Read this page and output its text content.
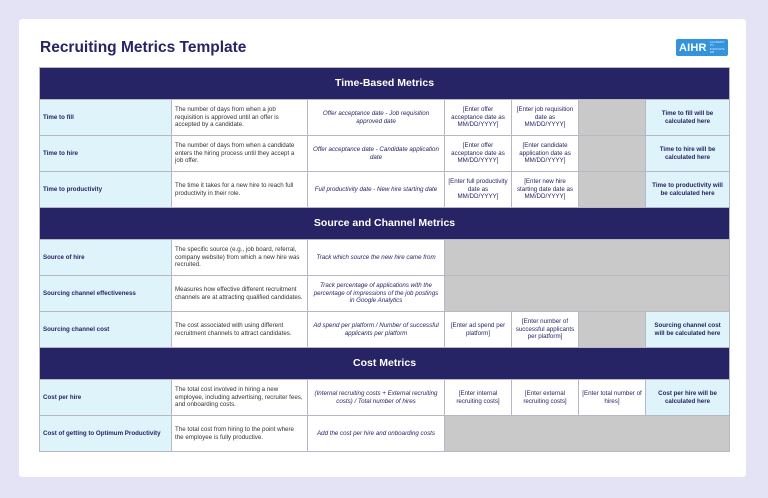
Recruiting Metrics Template	AIHR ACADEMY TO INNOVATE HR
Time-Based Metrics						
Time to fill	The number of days from when a job requisition is approved until an offer is accepted by a candidate.	Offer acceptance date - Job requisition approved date	[Enter offer acceptance date as MM/DD/YYYY]	[Enter job requisition date as MM/DD/YYYY]		Time to fill will be calculated here
Time to hire	The number of days from when a candidate enters the hiring process until they accept a job offer.	Offer acceptance date - Candidate application date	[Enter offer acceptance date as MM/DD/YYYY]	[Enter candidate application date as MM/DD/YYYY]		Time to hire will be calculated here
Time to productivity	The time it takes for a new hire to reach full productivity in their role.	Full productivity date - New hire starting date	[Enter full productivity date as MM/DD/YYYY]	[Enter new hire starting date date as MM/DD/YYYY]		Time to productivity will be calculated here
Source and Channel Metrics						
Source of hire	The specific source (e.g., job board, referral, company website) from which a new hire was recruited.	Track which source the new hire came from				
Sourcing channel effectiveness	Measures how effective different recruitment channels are at attracting qualified candidates.	Track percentage of applications with the percentage of impressions of the job postings in Google Analytics				
Sourcing channel cost	The cost associated with using different recruitment channels to attract candidates.	Ad spend per platform / Number of successful applicants per platform	[Enter ad spend per platform]	[Enter number of successful applicants per platform]		Sourcing channel cost will be calculated here
Cost Metrics						
Cost per hire	The total cost involved in hiring a new employee, including advertising, recruiter fees, and onboarding costs.	(Internal recruiting costs + External recruiting costs) / Total number of hires	[Enter internal recruiting costs]	[Enter external recruiting costs]	[Enter total number of hires]	Cost per hire will be calculated here
Cost of getting to Optimum Productivity	The total cost from hiring to the point where the employee is fully productive.	Add the cost per hire and onboarding costs				
